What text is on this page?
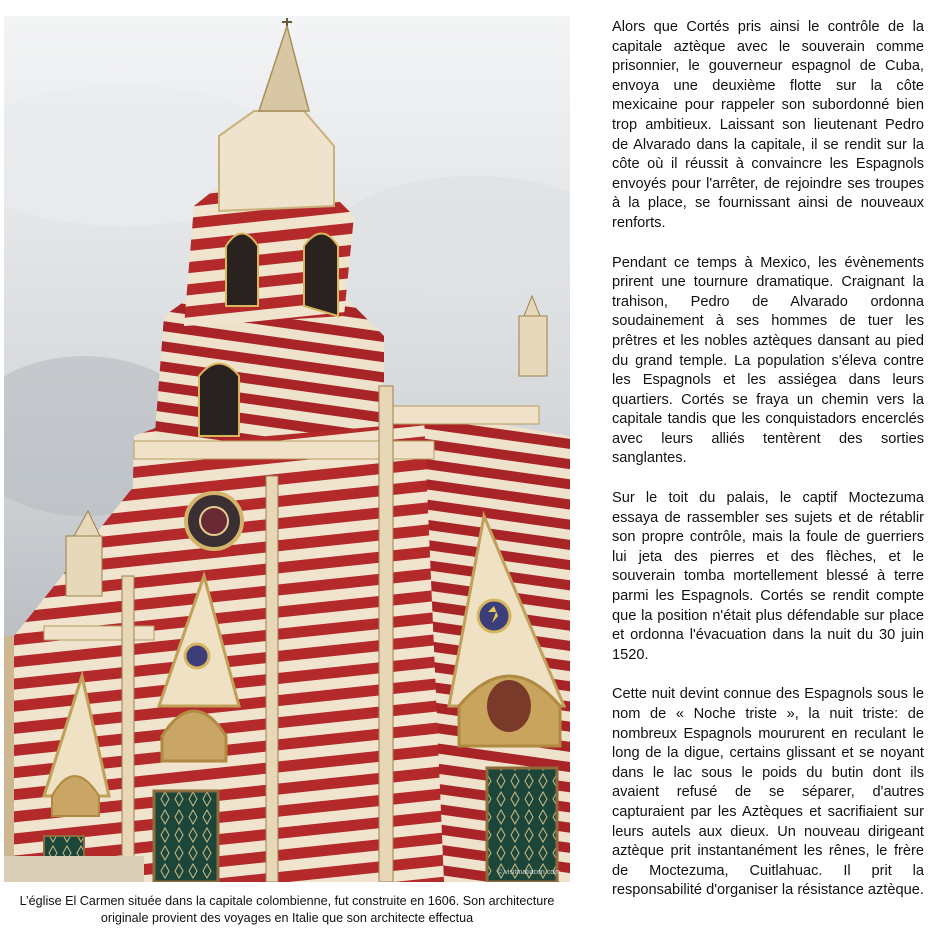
© visitmatiacon.com

L’église El Carmen située dans la capitale colombienne, fut construite en 1606. Son architecture originale provient des voyages en Italie que son architecte effectua

Alors que Cortés pris ainsi le contrôle de la capitale aztèque avec le souverain comme prisonnier, le gouverneur espagnol de Cuba, envoya une deuxième flotte sur la côte mexicaine pour rappeler son subordonné bien trop ambitieux. Laissant son lieutenant Pedro de Alvarado dans la capitale, il se rendit sur la côte où il réussit à convaincre les Espagnols envoyés pour l'arrêter, de rejoindre ses troupes à la place, se fournissant ainsi de nouveaux renforts.

Pendant ce temps à Mexico, les évènements prirent une tournure dramatique. Craignant la trahison, Pedro de Alvarado ordonna soudainement à ses hommes de tuer les prêtres et les nobles aztèques dansant au pied du grand temple. La population s'éleva contre les Espagnols et les assiégea dans leurs quartiers. Cortés se fraya un chemin vers la capitale tandis que les conquistadors encerclés avec leurs alliés tentèrent des sorties sanglantes.

Sur le toit du palais, le captif Moctezuma essaya de rassembler ses sujets et de rétablir son propre contrôle, mais la foule de guerriers lui jeta des pierres et des flèches, et le souverain tomba mortellement blessé à terre parmi les Espagnols. Cortés se rendit compte que la position n'était plus défendable sur place et ordonna l'évacuation dans la nuit du 30 juin 1520.

Cette nuit devint connue des Espagnols sous le nom de « Noche triste », la nuit triste: de nombreux Espagnols moururent en reculant le long de la digue, certains glissant et se noyant dans le lac sous le poids du butin dont ils avaient refusé de se séparer, d'autres capturaient par les Aztèques et sacrifiaient sur leurs autels aux dieux. Un nouveau dirigeant aztèque prit instantanément les rênes, le frère de Moctezuma, Cuitlahuac. Il prit la responsabilité d'organiser la résistance aztèque.
